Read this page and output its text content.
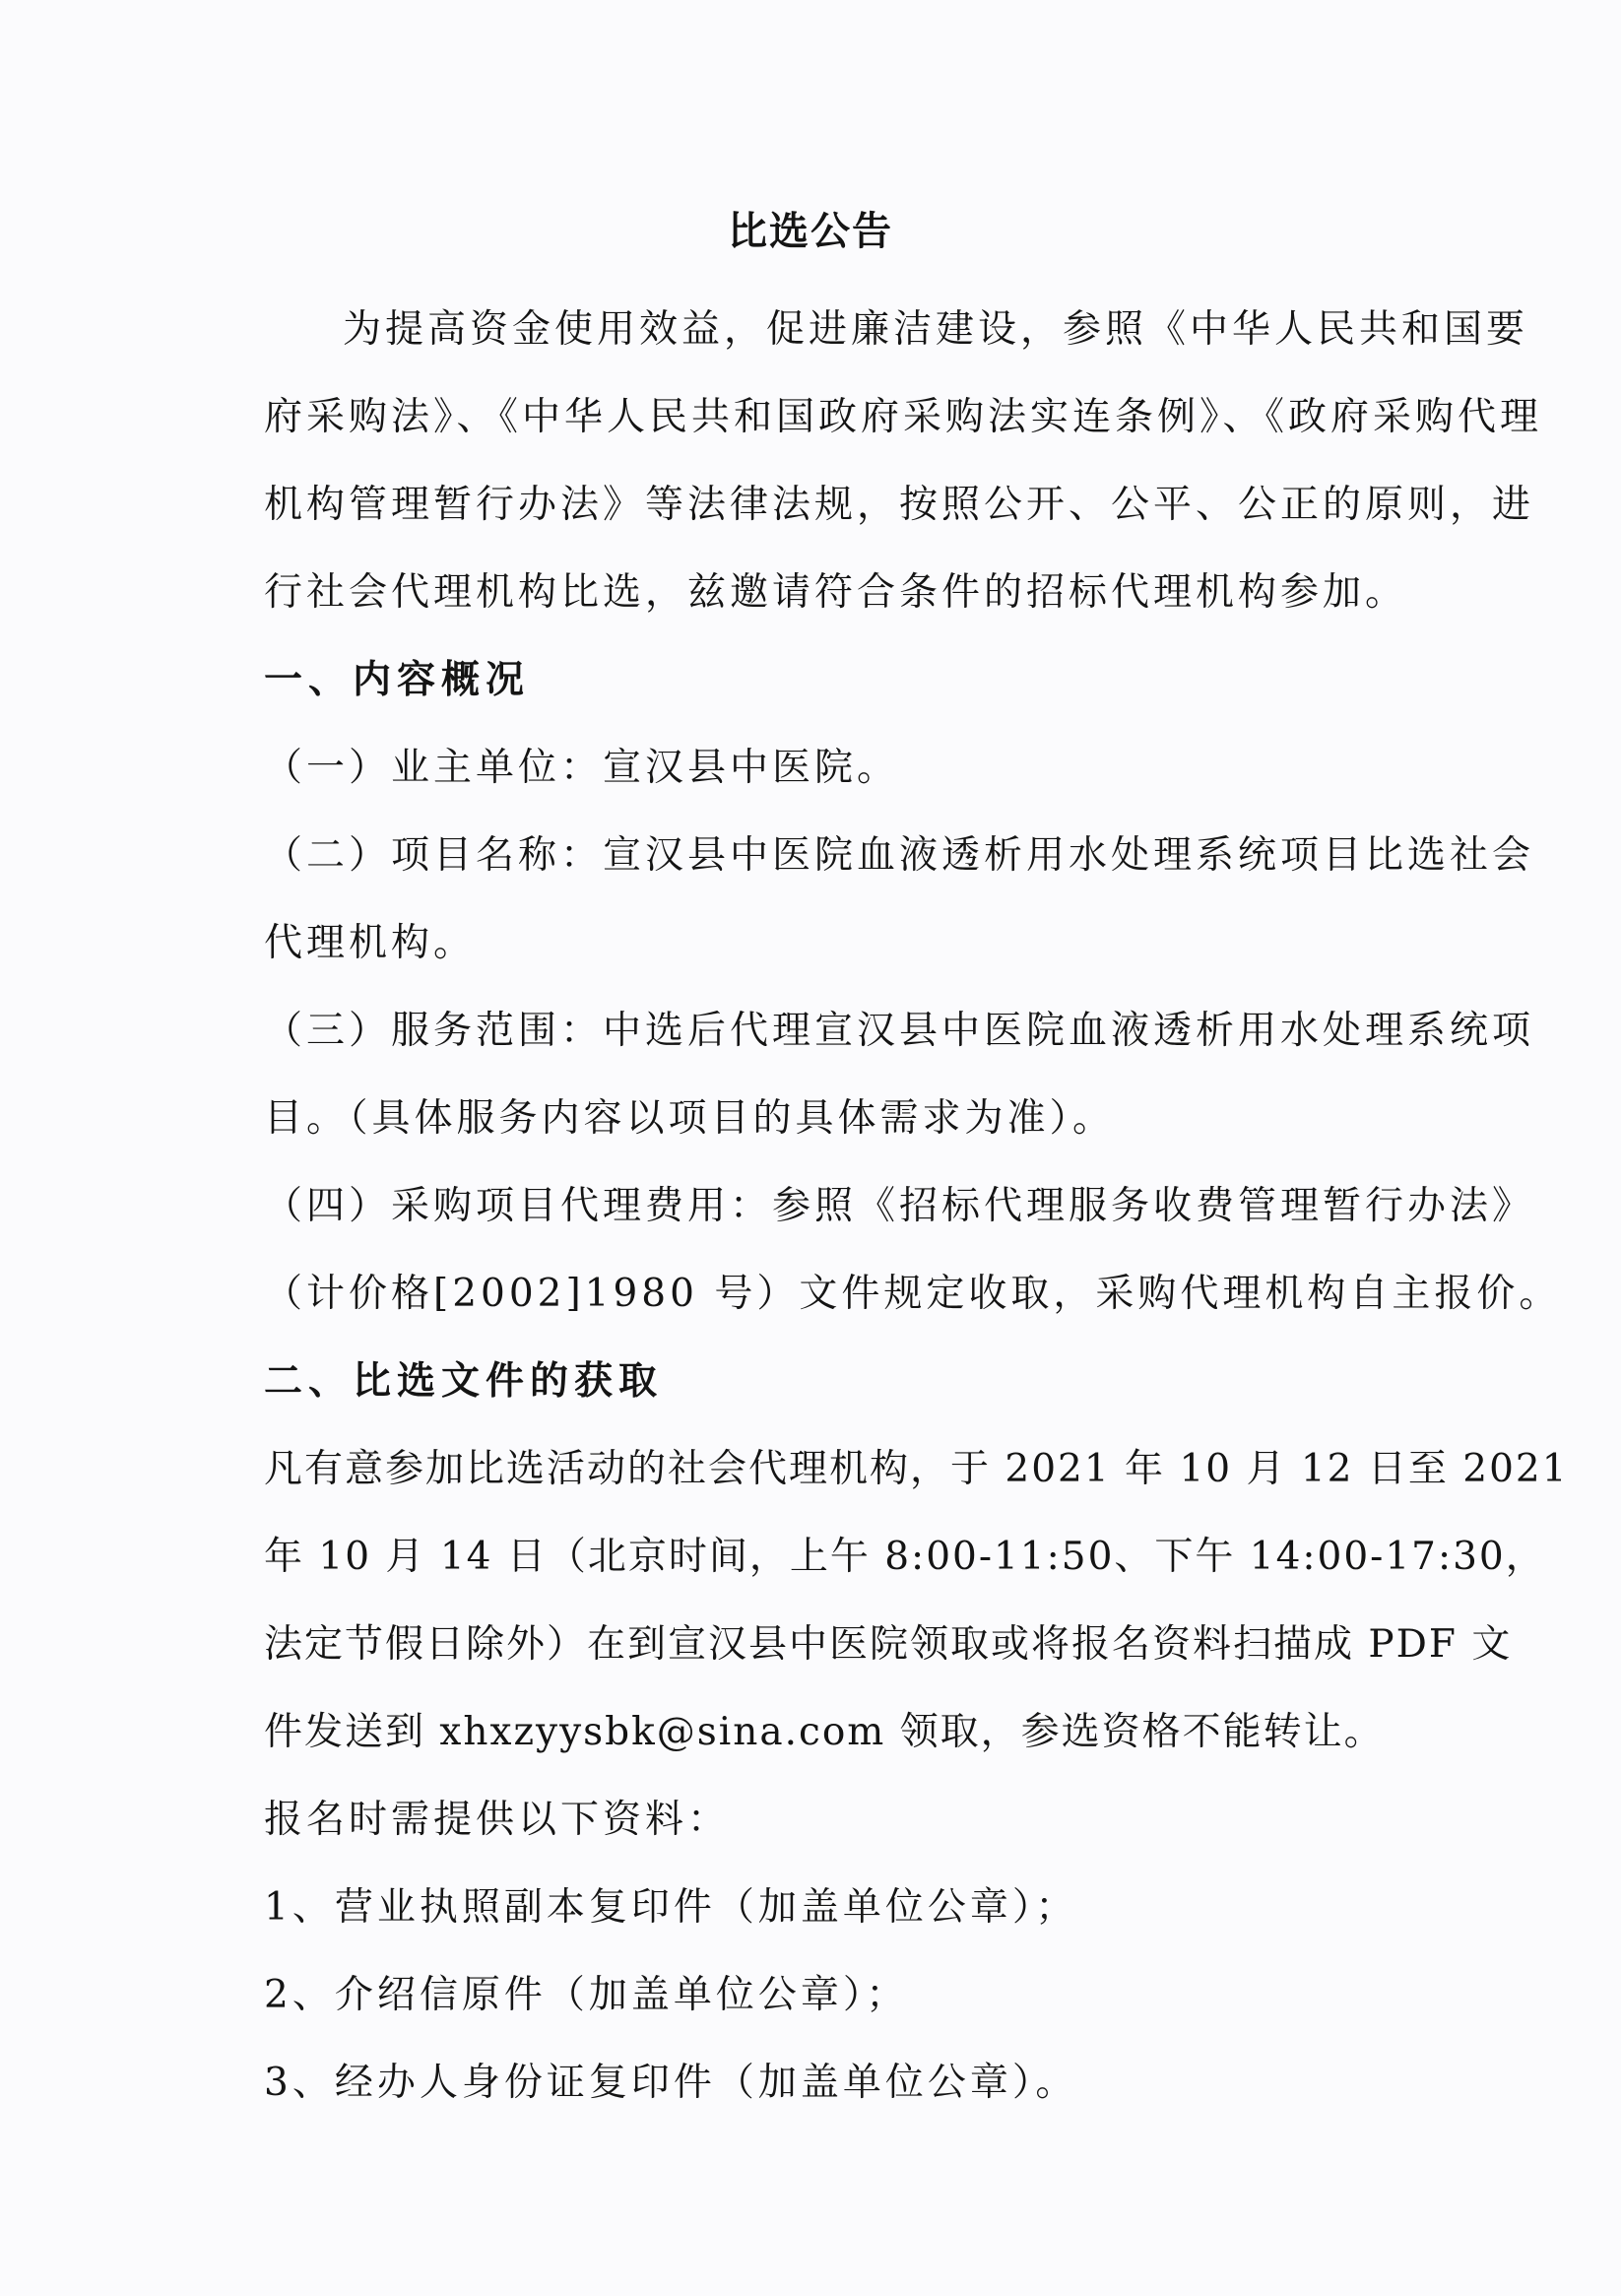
比选公告
为提高资金使用效益，促进廉洁建设，参照《中华人民共和国要
府采购法》、《中华人民共和国政府采购法实连条例》、《政府采购代理
机构管理暂行办法》等法律法规，按照公开、公平、公正的原则，进
行社会代理机构比选，兹邀请符合条件的招标代理机构参加。
一、内容概况
（一）业主单位：宣汉县中医院。
（二）项目名称：宣汉县中医院血液透析用水处理系统项目比选社会
代理机构。
（三）服务范围：中选后代理宣汉县中医院血液透析用水处理系统项
目。（具体服务内容以项目的具体需求为准）。
（四）采购项目代理费用：参照《招标代理服务收费管理暂行办法》
（计价格[2002]1980 号）文件规定收取，采购代理机构自主报价。
二、比选文件的获取
凡有意参加比选活动的社会代理机构，于 2021 年 10 月 12 日至 2021
年 10 月 14 日（北京时间，上午 8:00-11:50、下午 14:00-17:30，
法定节假日除外）在到宣汉县中医院领取或将报名资料扫描成 PDF 文
件发送到 xhxzyysbk@sina.com 领取，参选资格不能转让。
报名时需提供以下资料：
1、营业执照副本复印件（加盖单位公章）；
2、介绍信原件（加盖单位公章）；
3、经办人身份证复印件（加盖单位公章）。
